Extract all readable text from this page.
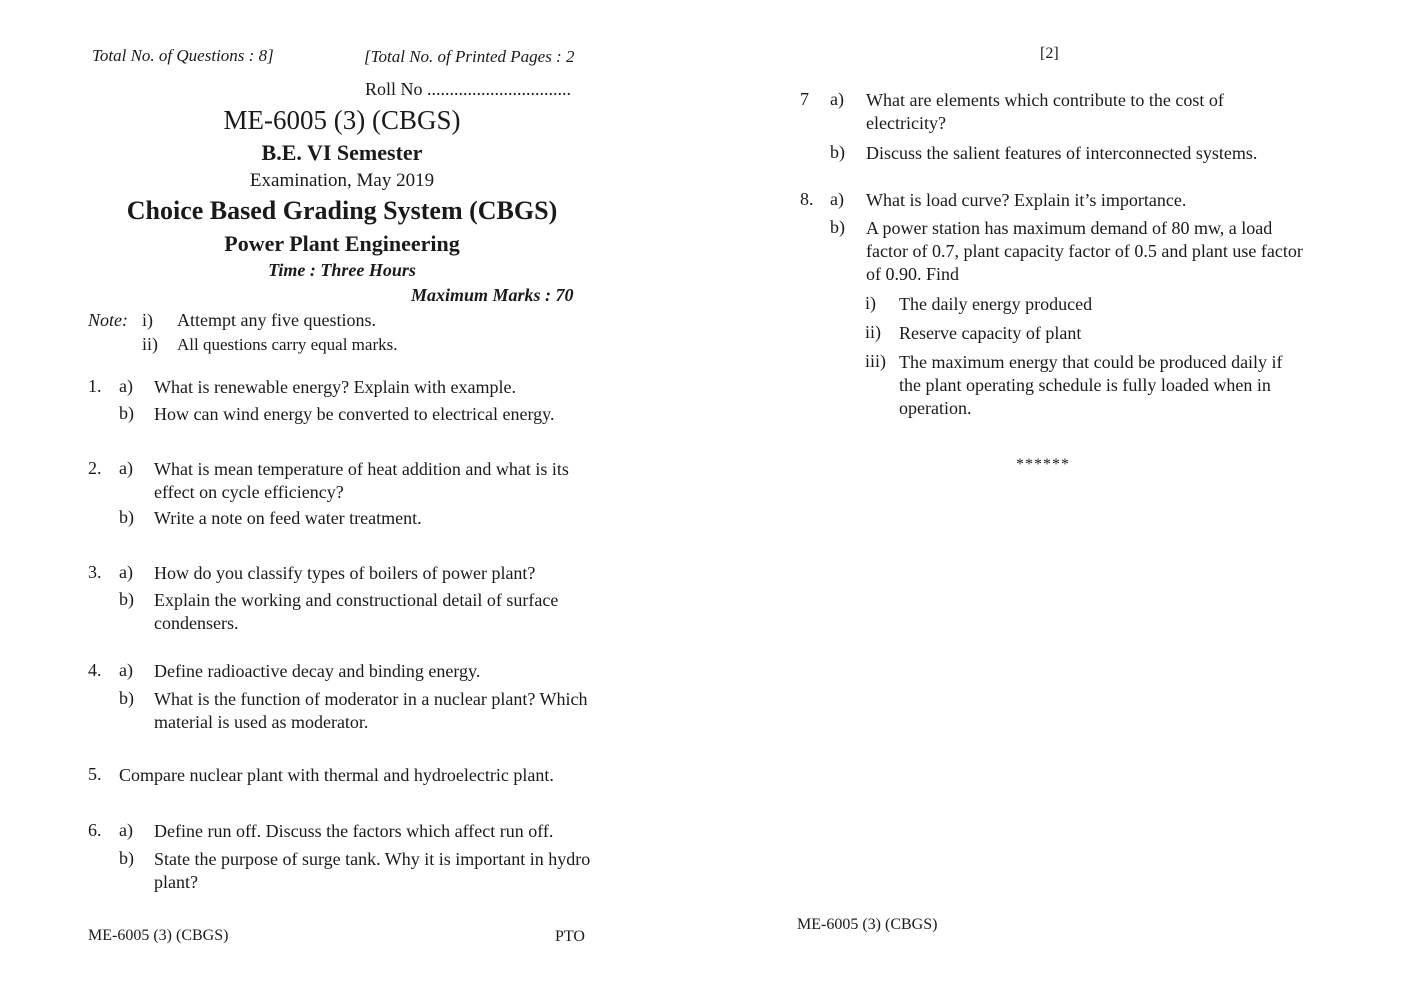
Total No. of Questions : 8]	[Total No. of Printed Pages : 2
Roll No ................................
ME-6005 (3) (CBGS)
B.E. VI Semester
Examination, May 2019
Choice Based Grading System (CBGS)
Power Plant Engineering
Time : Three Hours
Maximum Marks : 70
Note: i) Attempt any five questions.
ii) All questions carry equal marks.
1. a) What is renewable energy? Explain with example.
b) How can wind energy be converted to electrical energy.
2. a) What is mean temperature of heat addition and what is its effect on cycle efficiency?
b) Write a note on feed water treatment.
3. a) How do you classify types of boilers of power plant?
b) Explain the working and constructional detail of surface condensers.
4. a) Define radioactive decay and binding energy.
b) What is the function of moderator in a nuclear plant? Which material is used as moderator.
5. Compare nuclear plant with thermal and hydroelectric plant.
6. a) Define run off. Discuss the factors which affect run off.
b) State the purpose of surge tank. Why it is important in hydro plant?
ME-6005 (3) (CBGS)	PTO
[2]
7 a) What are elements which contribute to the cost of electricity?
b) Discuss the salient features of interconnected systems.
8. a) What is load curve? Explain it’s importance.
b) A power station has maximum demand of 80 mw, a load factor of 0.7, plant capacity factor of 0.5 and plant use factor of 0.90. Find
i) The daily energy produced
ii) Reserve capacity of plant
iii) The maximum energy that could be produced daily if the plant operating schedule is fully loaded when in operation.
******
ME-6005 (3) (CBGS)
